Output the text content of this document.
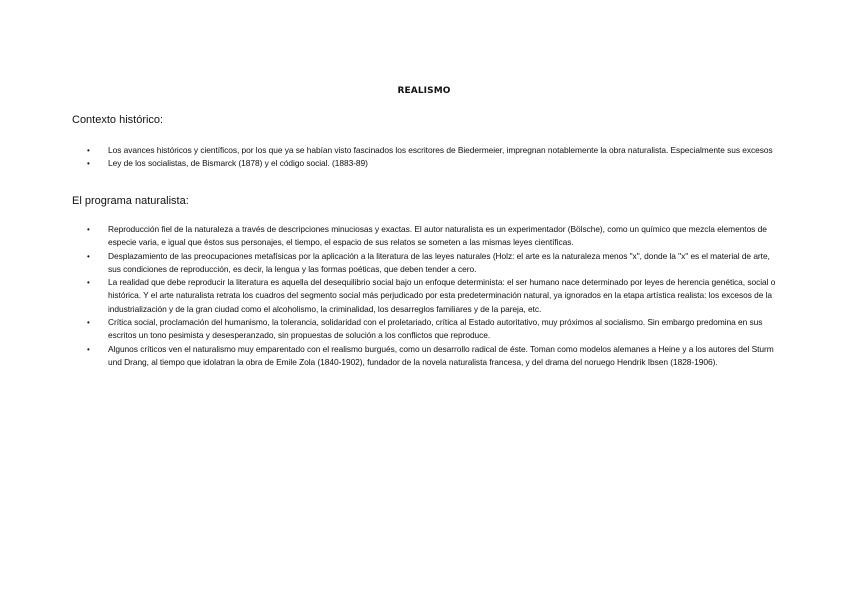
REALISMO

Contexto histórico:

• Los avances históricos y científicos, por los que ya se habían visto fascinados los escritores de Biedermeier, impregnan notablemente la obra naturalista. Especialmente sus excesos
• Ley de los socialistas, de Bismarck (1878) y el código social. (1883-89)

El programa naturalista:

• Reproducción fiel de la naturaleza a través de descripciones minuciosas y exactas. El autor naturalista es un experimentador (Bölsche), como un químico que mezcla elementos de especie varia, e igual que éstos sus personajes, el tiempo, el espacio de sus relatos se someten a las mismas leyes científicas.
• Desplazamiento de las preocupaciones metafísicas por la aplicación a la literatura de las leyes naturales (Holz: el arte es la naturaleza menos "x", donde la "x" es el material de arte, sus condiciones de reproducción, es decir, la lengua y las formas poéticas, que deben tender a cero.
• La realidad que debe reproducir la literatura es aquella del desequilibrio social bajo un enfoque determinista: el ser humano nace determinado por leyes de herencia genética, social o histórica. Y el arte naturalista retrata los cuadros del segmento social más perjudicado por esta predeterminación natural, ya ignorados en la etapa artística realista: los excesos de la industrialización y de la gran ciudad como el alcoholismo, la criminalidad, los desarreglos familiares y de la pareja, etc.
• Crítica social, proclamación del humanismo, la tolerancia, solidaridad con el proletariado, crítica al Estado autoritativo, muy próximos al socialismo. Sin embargo predomina en sus escritos un tono pesimista y desesperanzado, sin propuestas de solución a los conflictos que reproduce.
• Algunos críticos ven el naturalismo muy emparentado con el realismo burgués, como un desarrollo radical de éste. Toman como modelos alemanes a Heine y a los autores del Sturm und Drang, al tiempo que idolatran la obra de Emile Zola (1840-1902), fundador de la novela naturalista francesa, y del drama del noruego Hendrik Ibsen (1828-1906).
